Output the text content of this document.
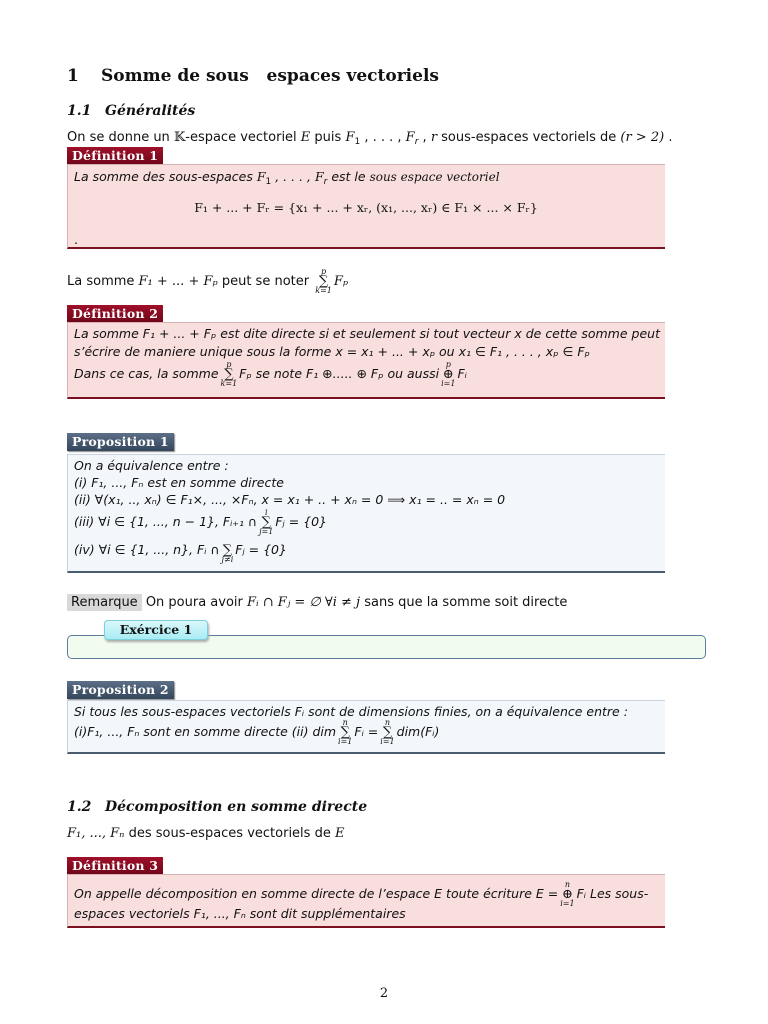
1 Somme de sous   espaces vectoriels
1.1 Généralités
On se donne un 𝕂-espace vectoriel E puis $F_1$ , . . . , $F_r$ , r sous-espaces vectoriels de (r > 2) .
Définition 1
La somme des sous-espaces $F_1$ , . . . , $F_r$ est le sous espace vectoriel
F₁ + ... + Fᵣ = {x₁ + ... + xᵣ, (x₁, ..., xᵣ) ∈ F₁ × ... × Fᵣ}
.
La somme F₁ + ... + Fₚ peut se noter p
∑
k=1Fₚ
Définition 2
La somme F₁ + ... + Fₚ est dite directe si et seulement si tout vecteur x de cette somme peut
s’écrire de maniere unique sous la forme x = x₁ + ... + xₚ ou x₁ ∈ F₁ , . . . , xₚ ∈ Fₚ
Dans ce cas, la sommep
∑
k=1Fₚ se note F₁ ⊕..... ⊕ Fₚ ou aussip
⊕
i=1Fᵢ
Proposition 1
On a équivalence entre :
(i) F₁, ..., Fₙ est en somme directe
(ii) ∀(x₁, .., xₙ) ∈ F₁×, ..., ×Fₙ, x = x₁ + .. + xₙ = 0 ⟹ x₁ = .. = xₙ = 0
(iii) ∀i ∈ {1, ..., n − 1}, Fᵢ₊₁ ∩i
∑
j=1Fⱼ = {0}
(iv) ∀i ∈ {1, ..., n}, Fᵢ ∩ ∑
j≠iFⱼ = {0}
Remarque On poura avoir Fᵢ ∩ Fⱼ = ∅ ∀i ≠ j sans que la somme soit directe
Exércice 1
Proposition 2
Si tous les sous-espaces vectoriels Fᵢ sont de dimensions finies, on a équivalence entre :
(i)F₁, ..., Fₙ sont en somme directe (ii) dimn
∑
i=1Fᵢ =n
∑
i=1dim(Fᵢ)
1.2 Décomposition en somme directe
F₁, ..., Fₙ des sous-espaces vectoriels de E
Définition 3
On appelle décomposition en somme directe de l’espace E toute écriture E =n
⊕
i=1Fᵢ Les sous-
espaces vectoriels F₁, ..., Fₙ sont dit supplémentaires
2
